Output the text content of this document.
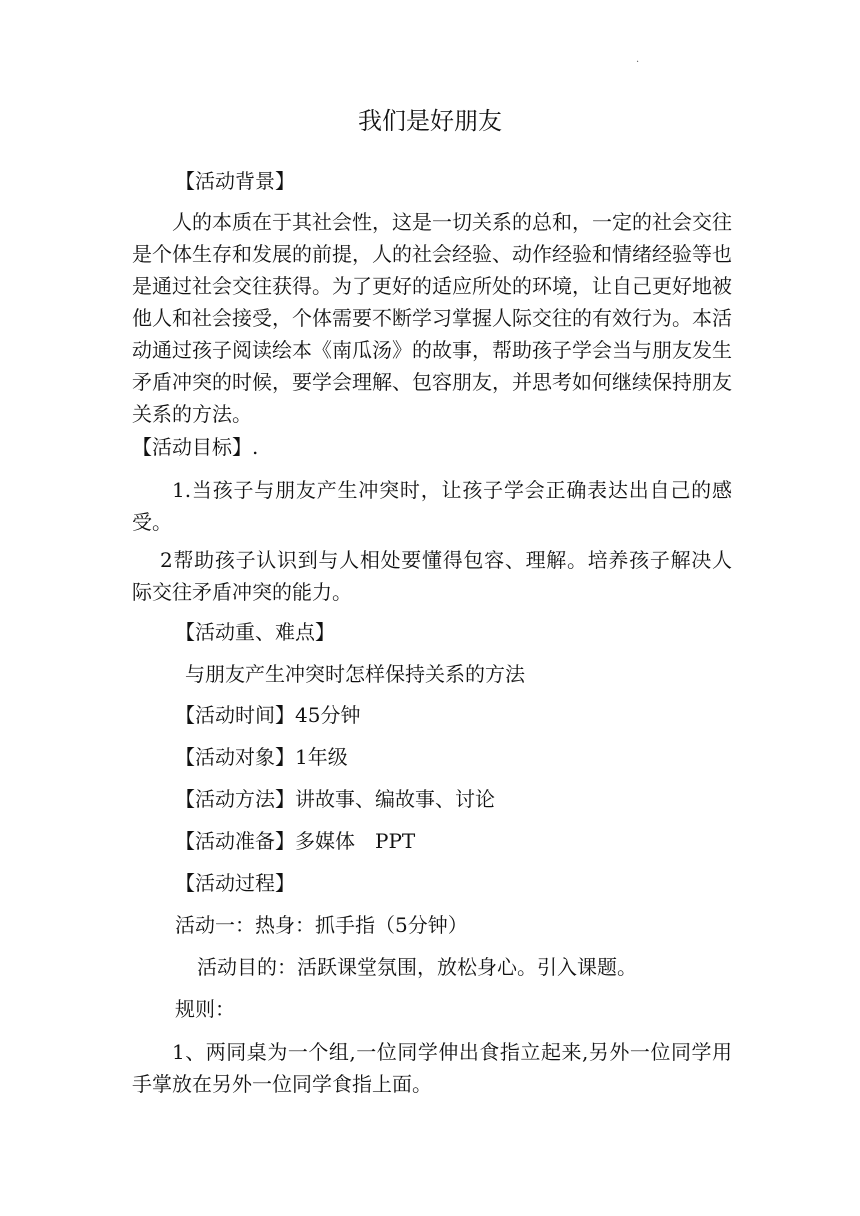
·
我们是好朋友
【活动背景】
人的本质在于其社会性，这是一切关系的总和，一定的社会交往是个体生存和发展的前提，人的社会经验、动作经验和情绪经验等也是通过社会交往获得。为了更好的适应所处的环境，让自己更好地被他人和社会接受，个体需要不断学习掌握人际交往的有效行为。本活动通过孩子阅读绘本《南瓜汤》的故事，帮助孩子学会当与朋友发生矛盾冲突的时候，要学会理解、包容朋友，并思考如何继续保持朋友关系的方法。
【活动目标】.
1.当孩子与朋友产生冲突时，让孩子学会正确表达出自己的感受。
2帮助孩子认识到与人相处要懂得包容、理解。培养孩子解决人际交往矛盾冲突的能力。
【活动重、难点】
与朋友产生冲突时怎样保持关系的方法
【活动时间】45分钟
【活动对象】1年级
【活动方法】讲故事、编故事、讨论
【活动准备】多媒体　PPT
【活动过程】
活动一：热身：抓手指（5分钟）
活动目的：活跃课堂氛围，放松身心。引入课题。
规则：
1、两同桌为一个组,一位同学伸出食指立起来,另外一位同学用手掌放在另外一位同学食指上面。
